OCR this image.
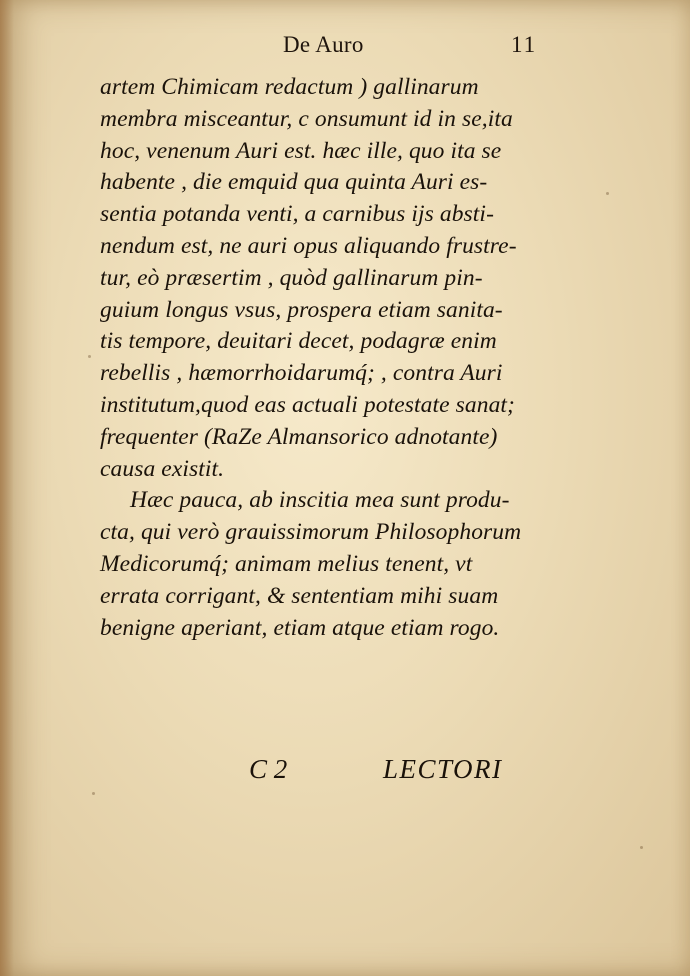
De Auro	11
artem Chimicam redactum ) gallinarum
membra misceantur, c onsumunt id in se,ita
hoc, venenum Auri est. hæc ille, quo ita se
habente , die emquid qua quinta Auri es-
sentia potanda venti, a carnibus ijs absti-
nendum est, ne auri opus aliquando frustre-
tur, eò præsertim , quòd gallinarum pin-
guium longus vsus, prospera etiam sanita-
tis tempore, deuitari decet, podagræ enim
rebellis , hæmorrhoidarumq́; , contra Auri
institutum,quod eas actuali potestate sanat;
frequenter (RaZe Almansorico adnotante)
causa existit.
Hæc pauca, ab inscitia mea sunt produ-
cta, qui verò grauissimorum Philosophorum
Medicorumq́; animam melius tenent, vt
errata corrigant, & sententiam mihi suam
benigne aperiant, etiam atque etiam rogo.
C 2	LECTORI
